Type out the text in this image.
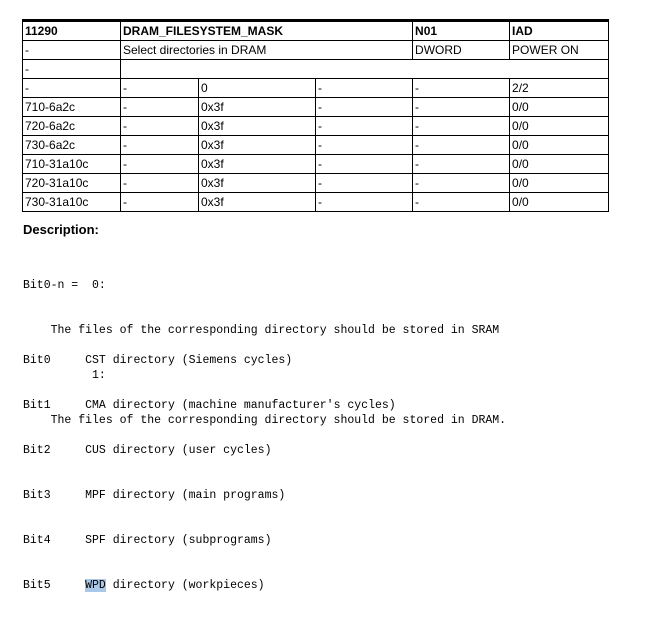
11290	DRAM_FILESYSTEM_MASK			N01	IAD
-	Select directories in DRAM			DWORD	POWER ON
-					
-	-	0	-	-	2/2
710-6a2c	-	0x3f	-	-	0/0
720-6a2c	-	0x3f	-	-	0/0
730-6a2c	-	0x3f	-	-	0/0
710-31a10c	-	0x3f	-	-	0/0
720-31a10c	-	0x3f	-	-	0/0
730-31a10c	-	0x3f	-	-	0/0
Description:

Bit0-n =  0:

The files of the corresponding directory should be stored in SRAM

1:

The files of the corresponding directory should be stored in DRAM.

Bit0	CST directory (Siemens cycles)

Bit1	CMA directory (machine manufacturer's cycles)

Bit2	CUS directory (user cycles)

Bit3	MPF directory (main programs)

Bit4	SPF directory (subprograms)

Bit5	WPD directory (workpieces)
